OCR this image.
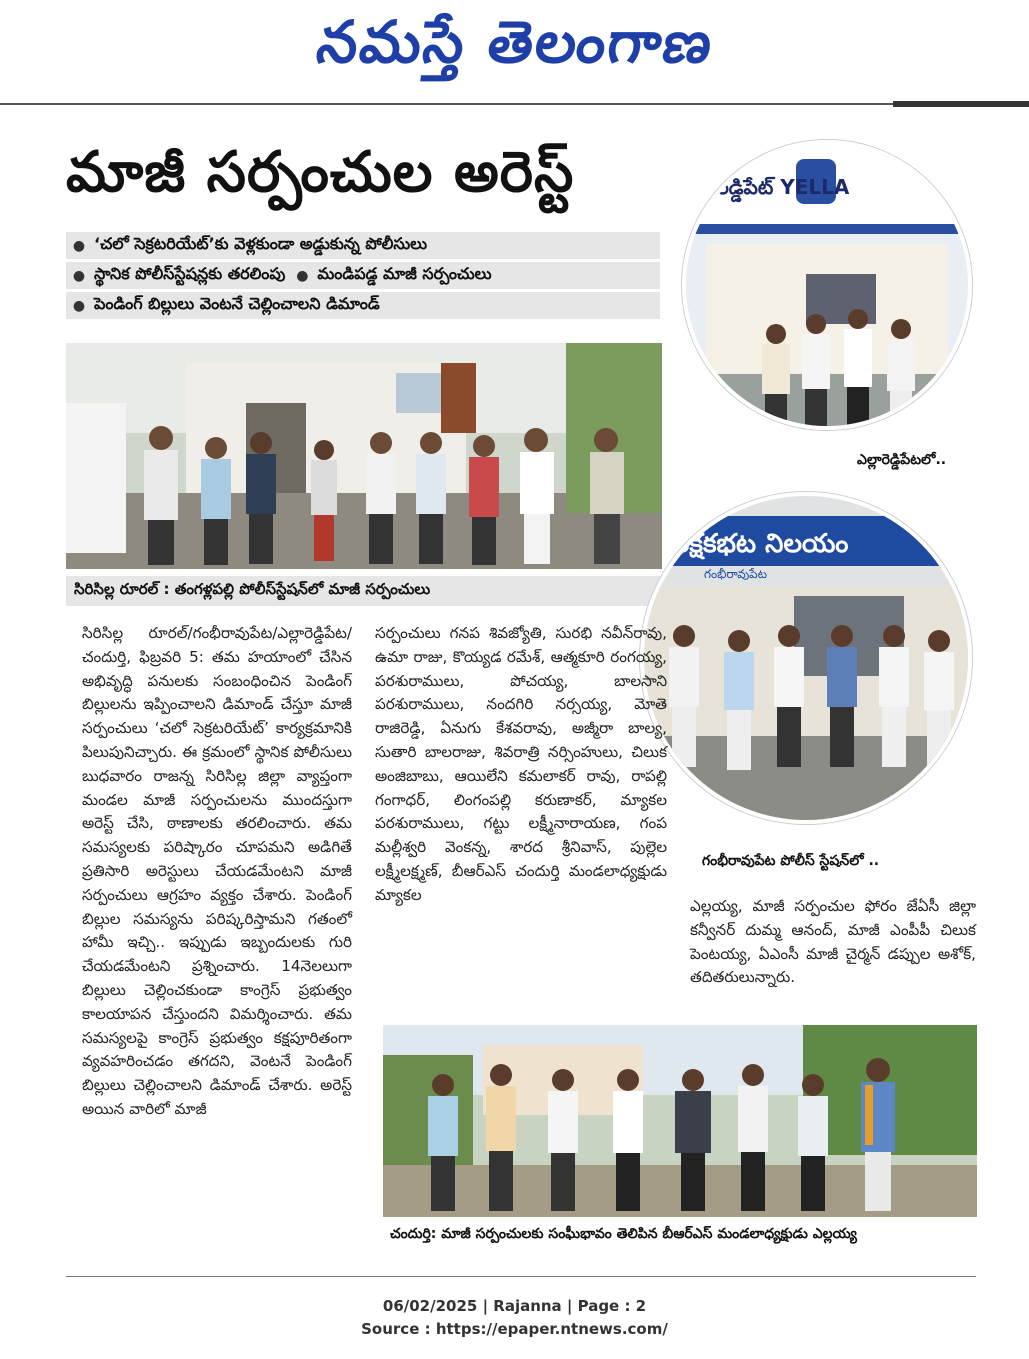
నమస్తే తెలంగాణ
మాజీ సర్పంచుల అరెస్ట్
● ‘చలో సెక్రటరియేట్’కు వెళ్లకుండా అడ్డుకున్న పోలీసులు
● స్థానిక పోలీస్‌స్టేషన్లకు తరలింపు ● మండిపడ్డ మాజీ సర్పంచులు
● పెండింగ్ బిల్లులు వెంటనే చెల్లించాలని డిమాండ్
సిరిసిల్ల రూరల్ : తంగళ్లపల్లి పోలీస్‌స్టేషన్‌లో మాజీ సర్పంచులు
ల్లారెడ్డిపేట్ YELLA
ఎల్లారెడ్డిపేటలో..
రక్షకభట నిలయం
గంభీరావుపేట
గంభీరావుపేట పోలీస్ స్టేషన్‌లో ..

సిరిసిల్ల రూరల్/గంభీరావుపేట/ఎల్లారెడ్డిపేట/చందుర్తి, ఫిబ్రవరి 5: తమ హయాంలో చేసిన అభివృద్ధి పనులకు సంబంధించిన పెండింగ్ బిల్లులను ఇప్పించాలని డిమాండ్ చేస్తూ మాజీ సర్పంచులు ‘చలో సెక్రటరియేట్’ కార్యక్రమానికి పిలుపునిచ్చారు. ఈ క్రమంలో స్థానిక పోలీసులు బుధవారం రాజన్న సిరిసిల్ల జిల్లా వ్యాప్తంగా మండల మాజీ సర్పంచులను ముందస్తుగా అరెస్ట్ చేసి, ఠాణాలకు తరలించారు. తమ సమస్యలకు పరిష్కారం చూపమని అడిగితే ప్రతిసారి అరెస్టులు చేయడమేంటని మాజీ సర్పంచులు ఆగ్రహం వ్యక్తం చేశారు. పెండింగ్ బిల్లుల సమస్యను పరిష్కరిస్తామని గతంలో హామీ ఇచ్చి.. ఇప్పుడు ఇబ్బందులకు గురి చేయడమేంటని ప్రశ్నించారు. 14నెలలుగా బిల్లులు చెల్లించకుండా కాంగ్రెస్ ప్రభుత్వం కాలయాపన చేస్తుందని విమర్శించారు. తమ సమస్యలపై కాంగ్రెస్ ప్రభుత్వం కక్షపూరితంగా వ్యవహరించడం తగదని, వెంటనే పెండింగ్ బిల్లులు చెల్లించాలని డిమాండ్ చేశారు. అరెస్ట్ అయిన వారిలో మాజీ

సర్పంచులు గనప శివజ్యోతి, సురభి నవీన్‌రావు, ఉమా రాజు, కొయ్యడ రమేశ్, ఆత్మకూరి రంగయ్య, పరశురాములు, పోచయ్య, బాలసాని పరశురాములు, నందగిరి నర్సయ్య, మోతె రాజిరెడ్డి, ఏనుగు కేశవరావు, అజ్మీరా బాల్య, సుతారి బాలరాజు, శివరాత్రి నర్సింహులు, చిలుక అంజిబాబు, ఆయిలేని కమలాకర్ రావు, రాపల్లి గంగాధర్, లింగంపల్లి కరుణాకర్, మ్యాకల పరశురాములు, గట్టు లక్ష్మీనారాయణ, గంప మల్లీశ్వరి వెంకన్న, శారద శ్రీనివాస్, పుల్లెల లక్ష్మీలక్ష్మణ్, బీఆర్ఎస్ చందుర్తి మండలాధ్యక్షుడు మ్యాకల

ఎల్లయ్య, మాజీ సర్పంచుల ఫోరం జేఏసీ జిల్లా కన్వీనర్ దుమ్మ ఆనంద్, మాజీ ఎంపీపీ చిలుక పెంటయ్య, ఏఎంసీ మాజీ చైర్మన్ డప్పుల అశోక్, తదితరులున్నారు.

చందుర్తి: మాజీ సర్పంచులకు సంఘీభావం తెలిపిన బీఆర్ఎస్ మండలాధ్యక్షుడు ఎల్లయ్య
06/02/2025 | Rajanna | Page : 2
Source : https://epaper.ntnews.com/
